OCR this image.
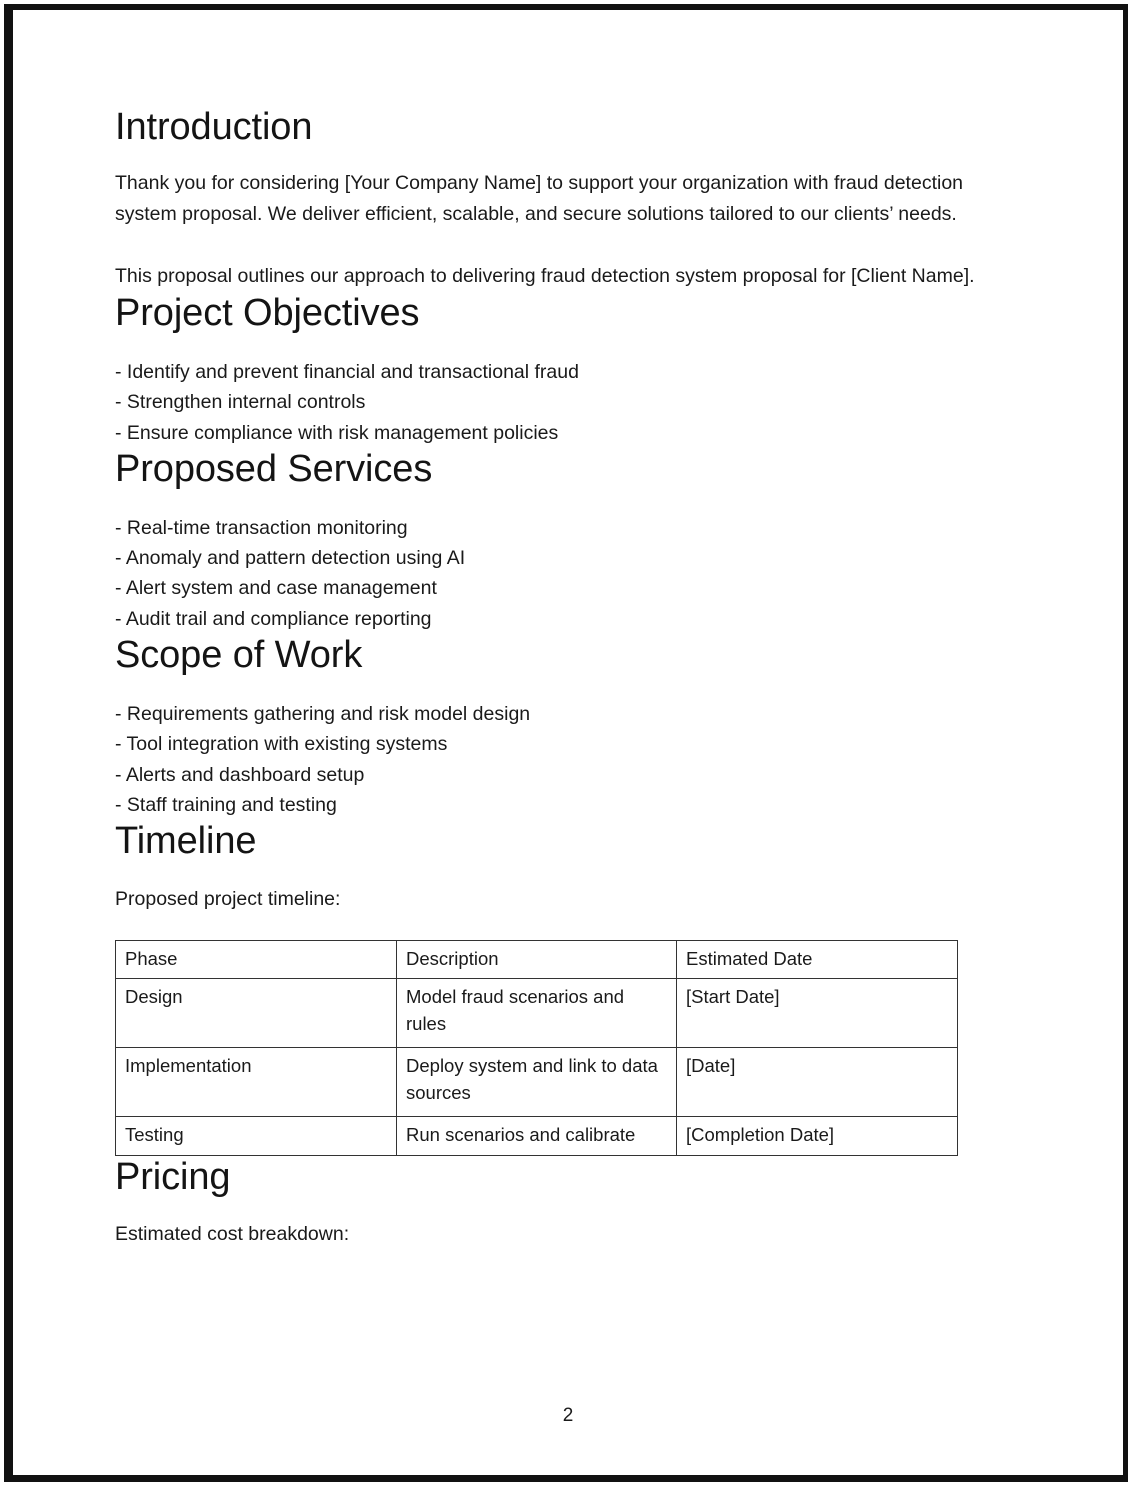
Introduction

Thank you for considering [Your Company Name] to support your organization with fraud detection system proposal. We deliver efficient, scalable, and secure solutions tailored to our clients’ needs.

This proposal outlines our approach to delivering fraud detection system proposal for [Client Name].

Project Objectives
- Identify and prevent financial and transactional fraud
- Strengthen internal controls
- Ensure compliance with risk management policies
Proposed Services
- Real-time transaction monitoring
- Anomaly and pattern detection using AI
- Alert system and case management
- Audit trail and compliance reporting
Scope of Work
- Requirements gathering and risk model design
- Tool integration with existing systems
- Alerts and dashboard setup
- Staff training and testing
Timeline

Proposed project timeline:

Phase	Description	Estimated Date
Design	Model fraud scenarios and rules	[Start Date]
Implementation	Deploy system and link to data sources	[Date]
Testing	Run scenarios and calibrate	[Completion Date]
Pricing

Estimated cost breakdown:

2
